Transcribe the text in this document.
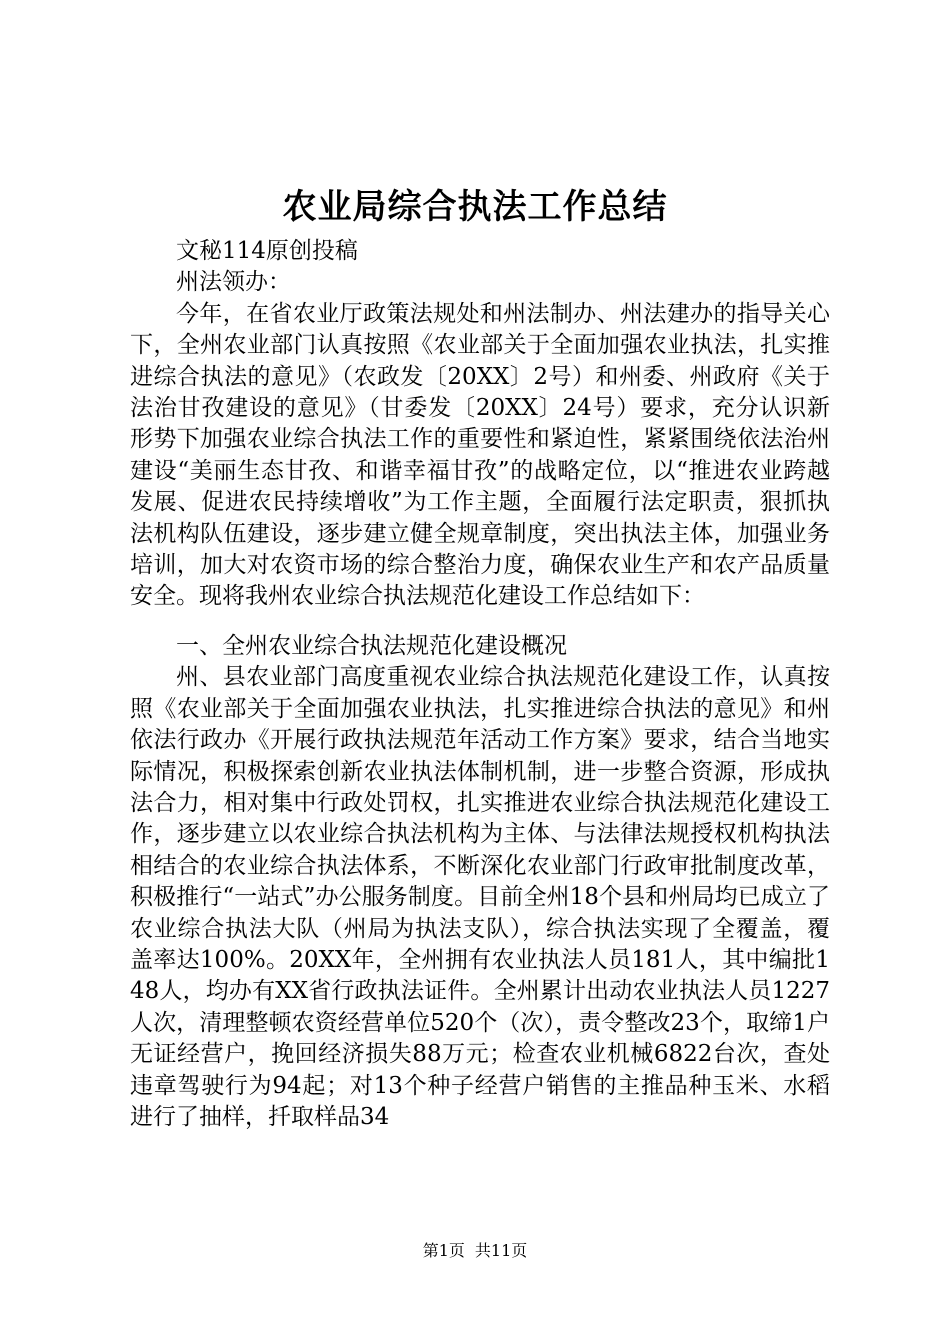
农业局综合执法工作总结

文秘114原创投稿

州法领办：

今年，在省农业厅政策法规处和州法制办、州法建办的指导关心下，全州农业部门认真按照《农业部关于全面加强农业执法，扎实推进综合执法的意见》（农政发〔20XX〕2号）和州委、州政府《关于法治甘孜建设的意见》（甘委发〔20XX〕24号）要求，充分认识新形势下加强农业综合执法工作的重要性和紧迫性，紧紧围绕依法治州建设“美丽生态甘孜、和谐幸福甘孜”的战略定位，以“推进农业跨越发展、促进农民持续增收”为工作主题，全面履行法定职责，狠抓执法机构队伍建设，逐步建立健全规章制度，突出执法主体，加强业务培训，加大对农资市场的综合整治力度，确保农业生产和农产品质量安全。现将我州农业综合执法规范化建设工作总结如下：

一、全州农业综合执法规范化建设概况

州、县农业部门高度重视农业综合执法规范化建设工作，认真按照《农业部关于全面加强农业执法，扎实推进综合执法的意见》和州依法行政办《开展行政执法规范年活动工作方案》要求，结合当地实际情况，积极探索创新农业执法体制机制，进一步整合资源，形成执法合力，相对集中行政处罚权，扎实推进农业综合执法规范化建设工作，逐步建立以农业综合执法机构为主体、与法律法规授权机构执法相结合的农业综合执法体系，不断深化农业部门行政审批制度改革，积极推行“一站式”办公服务制度。目前全州18个县和州局均已成立了农业综合执法大队（州局为执法支队），综合执法实现了全覆盖，覆盖率达100%。20XX年，全州拥有农业执法人员181人，其中编批148人，均办有XX省行政执法证件。全州累计出动农业执法人员1227人次，清理整顿农资经营单位520个（次），责令整改23个，取缔1户无证经营户，挽回经济损失88万元；检查农业机械6822台次，查处违章驾驶行为94起；对13个种子经营户销售的主推品种玉米、水稻进行了抽样，扦取样品34

第1页 共11页
